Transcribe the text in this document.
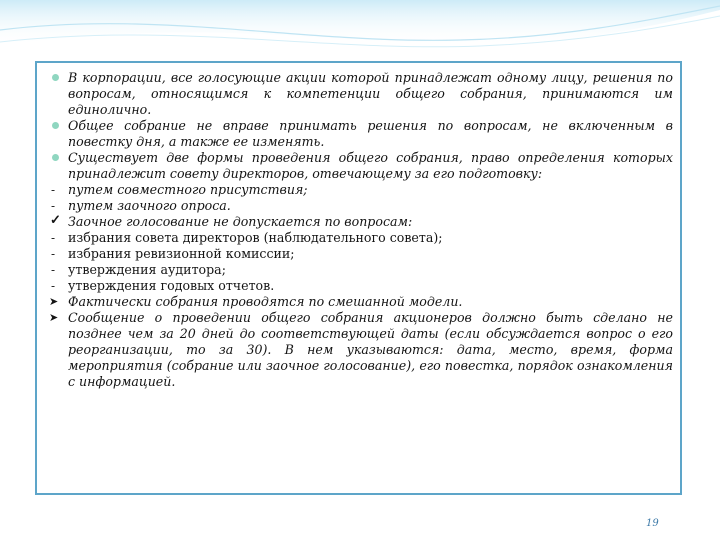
В корпорации, все голосующие акции которой принадлежат одному лицу, решения по вопросам, относящимся к компетенции общего собрания, принимаются им единолично.
Общее собрание не вправе принимать решения по вопросам, не включенным в повестку дня, а также ее изменять.
Существует две формы проведения общего собрания, право определения которых принадлежит совету директоров, отвечающему за его подготовку:
-
путем совместного присутствия;
-
путем заочного опроса.
✓
Заочное голосование не допускается по вопросам:
-
избрания совета директоров (наблюдательного совета);
-
избрания ревизионной комиссии;
-
утверждения аудитора;
-
утверждения годовых отчетов.
➤
Фактически собрания проводятся по смешанной модели.
➤
Сообщение о проведении общего собрания акционеров должно быть сделано не позднее чем за 20 дней до соответствующей даты (если обсуждается вопрос о его реорганизации, то за 30). В нем указываются: дата, место, время, форма мероприятия (собрание или заочное голосование), его повестка, порядок ознакомления с информацией.
19
